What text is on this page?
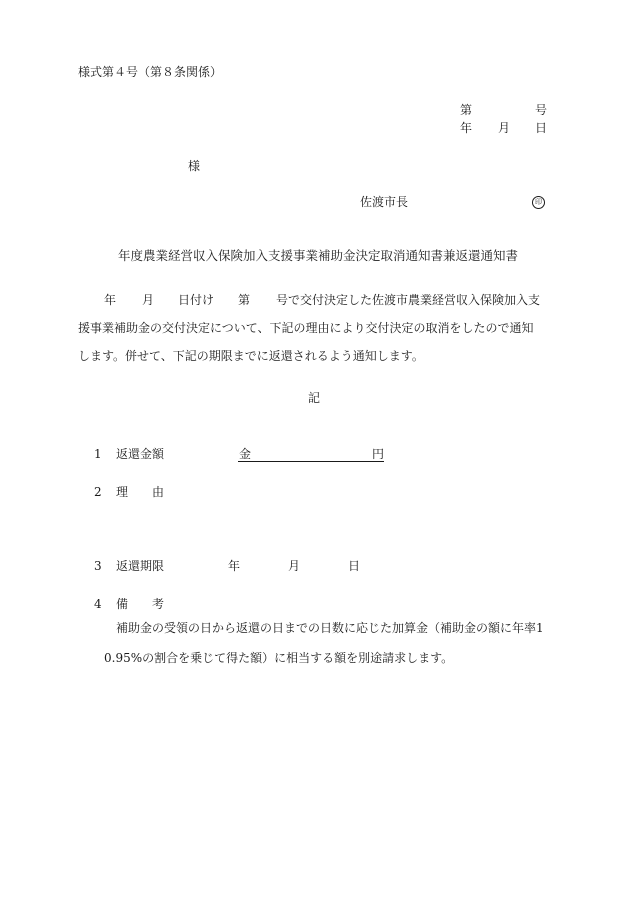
様式第４号（第８条関係）
第	号
年 月 日
様
佐渡市長	印
年度農業経営収入保険加入支援事業補助金決定取消通知書兼返還通知書
年 月 日付け 第 号で交付決定した佐渡市農業経営収入保険加入支
援事業補助金の交付決定について、下記の理由により交付決定の取消をしたので通知
します。併せて、下記の期限までに返還されるよう通知します。
記
1 返還金額	金	円
2 理 由
3 返還期限	年	月	日
4 備 考
補助金の受領の日から返還の日までの日数に応じた加算金（補助金の額に年率1
0.95%の割合を乗じて得た額）に相当する額を別途請求します。
